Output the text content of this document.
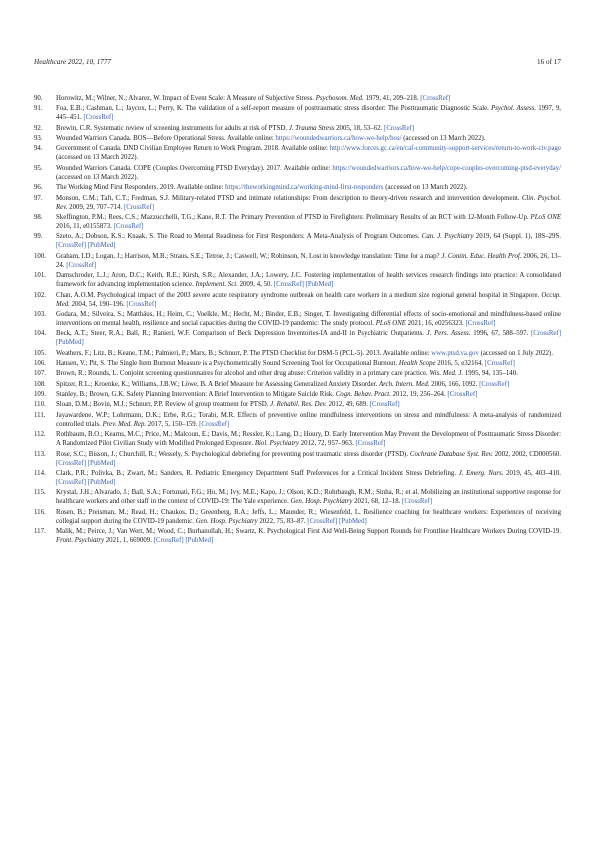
Healthcare 2022, 10, 1777	16 of 17
90. Horowitz, M.; Wilner, N.; Alvarez, W. Impact of Event Scale: A Measure of Subjective Stress. Psychosom. Med. 1979, 41, 209–218. [CrossRef]
91. Foa, E.B.; Cashman, L.; Jaycox, L.; Perry, K. The validation of a self-report measure of posttraumatic stress disorder: The Posttraumatic Diagnostic Scale. Psychol. Assess. 1997, 9, 445–451. [CrossRef]
92. Brewin, C.R. Systematic review of screening instruments for adults at risk of PTSD. J. Trauma Stress 2005, 18, 53–62. [CrossRef]
93. Wounded Warriors Canada. BOS—Before Operational Stress. Available online: https://woundedwarriors.ca/how-we-help/bos/ (accessed on 13 March 2022).
94. Government of Canada. DND Civilian Employee Return to Work Program. 2018. Available online: http://www.forces.gc.ca/en/caf-community-support-services/return-to-work-civ.page (accessed on 13 March 2022).
95. Wounded Warriors Canada. COPE (Couples Overcoming PTSD Everyday). 2017. Available online: https://woundedwarriors.ca/how-we-help/cope-couples-overcoming-ptsd-everyday/ (accessed on 13 March 2022).
96. The Working Mind First Responders. 2019. Available online: https://theworkingmind.ca/working-mind-first-responders (accessed on 13 March 2022).
97. Monson, C.M.; Taft, C.T.; Fredman, S.J. Military-related PTSD and intimate relationships: From description to theory-driven research and intervention development. Clin. Psychol. Rev. 2009, 29, 707–714. [CrossRef]
98. Skeffington, P.M.; Rees, C.S.; Mazzucchelli, T.G.; Kane, R.T. The Primary Prevention of PTSD in Firefighters: Preliminary Results of an RCT with 12-Month Follow-Up. PLoS ONE 2016, 11, e0155873. [CrossRef]
99. Szeto, A.; Dobson, K.S.; Knaak, S. The Road to Mental Readiness for First Responders: A Meta-Analysis of Program Outcomes. Can. J. Psychiatry 2019, 64 (Suppl. 1), 18S–29S. [CrossRef] [PubMed]
100. Graham, I.D.; Logan, J.; Harrison, M.B.; Straus, S.E.; Tetroe, J.; Caswell, W.; Robinson, N. Lost in knowledge translation: Time for a map? J. Contin. Educ. Health Prof. 2006, 26, 13–24. [CrossRef]
101. Damschroder, L.J.; Aron, D.C.; Keith, R.E.; Kirsh, S.R.; Alexander, J.A.; Lowery, J.C. Fostering implementation of health services research findings into practice: A consolidated framework for advancing implementation science. Implement. Sci. 2009, 4, 50. [CrossRef] [PubMed]
102. Chan, A.O.M. Psychological impact of the 2003 severe acute respiratory syndrome outbreak on health care workers in a medium size regional general hospital in Singapore. Occup. Med. 2004, 54, 190–196. [CrossRef]
103. Godara, M.; Silveira, S.; Matthäus, H.; Heim, C.; Voelkle, M.; Hecht, M.; Binder, E.B.; Singer, T. Investigating differential effects of socio-emotional and mindfulness-based online interventions on mental health, resilience and social capacities during the COVID-19 pandemic: The study protocol. PLoS ONE 2021, 16, e0256323. [CrossRef]
104. Beck, A.T.; Steer, R.A.; Ball, R.; Ranieri, W.F. Comparison of Beck Depression Inventories-IA and-II in Psychiatric Outpatients. J. Pers. Assess. 1996, 67, 588–597. [CrossRef] [PubMed]
105. Weathers, F.; Litz, B.; Keane, T.M.; Palmieri, P.; Marx, B.; Schnurr, P. The PTSD Checklist for DSM-5 (PCL-5). 2013. Available online: www.ptsd.va.gov (accessed on 1 July 2022).
106. Hansen, V.; Pit, S. The Single Item Burnout Measure is a Psychometrically Sound Screening Tool for Occupational Burnout. Health Scope 2016, 5, e32164. [CrossRef]
107. Brown, R.; Rounds, L. Conjoint screening questionnaires for alcohol and other drug abuse: Criterion validity in a primary care practice. Wis. Med. J. 1995, 94, 135–140.
108. Spitzer, R.L.; Kroenke, K.; Williams, J.B.W.; Löwe, B. A Brief Measure for Assessing Generalized Anxiety Disorder. Arch. Intern. Med. 2006, 166, 1092. [CrossRef]
109. Stanley, B.; Brown, G.K. Safety Planning Intervention: A Brief Intervention to Mitigate Suicide Risk. Cogn. Behav. Pract. 2012, 19, 256–264. [CrossRef]
110. Sloan, D.M.; Bovin, M.J.; Schnurr, P.P. Review of group treatment for PTSD. J. Rehabil. Res. Dev. 2012, 49, 689. [CrossRef]
111. Jayawardene, W.P.; Lohrmann, D.K.; Erbe, R.G.; Torabi, M.R. Effects of preventive online mindfulness interventions on stress and mindfulness: A meta-analysis of randomized controlled trials. Prev. Med. Rep. 2017, 5, 150–159. [CrossRef]
112. Rothbaum, B.O.; Kearns, M.C.; Price, M.; Malcoun, E.; Davis, M.; Ressler, K.; Lang, D.; Houry, D. Early Intervention May Prevent the Development of Posttraumatic Stress Disorder: A Randomized Pilot Civilian Study with Modified Prolonged Exposure. Biol. Psychiatry 2012, 72, 957–963. [CrossRef]
113. Rose, S.C.; Bisson, J.; Churchill, R.; Wessely, S. Psychological debriefing for preventing post traumatic stress disorder (PTSD). Cochrane Database Syst. Rev. 2002, 2002, CD000560. [CrossRef] [PubMed]
114. Clark, P.R.; Polivka, B.; Zwart, M.; Sanders, R. Pediatric Emergency Department Staff Preferences for a Critical Incident Stress Debriefing. J. Emerg. Nurs. 2019, 45, 403–410. [CrossRef] [PubMed]
115. Krystal, J.H.; Alvarado, J.; Ball, S.A.; Fortunati, F.G.; Hu, M.; Ivy, M.E.; Kapo, J.; Olson, K.D.; Rohrbaugh, R.M.; Sinha, R.; et al. Mobilizing an institutional supportive response for healthcare workers and other staff in the context of COVID-19: The Yale experience. Gen. Hosp. Psychiatry 2021, 68, 12–18. [CrossRef]
116. Rosen, B.; Preisman, M.; Read, H.; Chaukos, D.; Greenberg, R.A.; Jeffs, L.; Maunder, R.; Wiesenfeld, L. Resilience coaching for healthcare workers: Experiences of receiving collegial support during the COVID-19 pandemic. Gen. Hosp. Psychiatry 2022, 75, 83–87. [CrossRef] [PubMed]
117. Malik, M.; Peirce, J.; Van Wert, M.; Wood, C.; Burhanullah, H.; Swartz, K. Psychological First Aid Well-Being Support Rounds for Frontline Healthcare Workers During COVID-19. Front. Psychiatry 2021, 1, 669009. [CrossRef] [PubMed]
